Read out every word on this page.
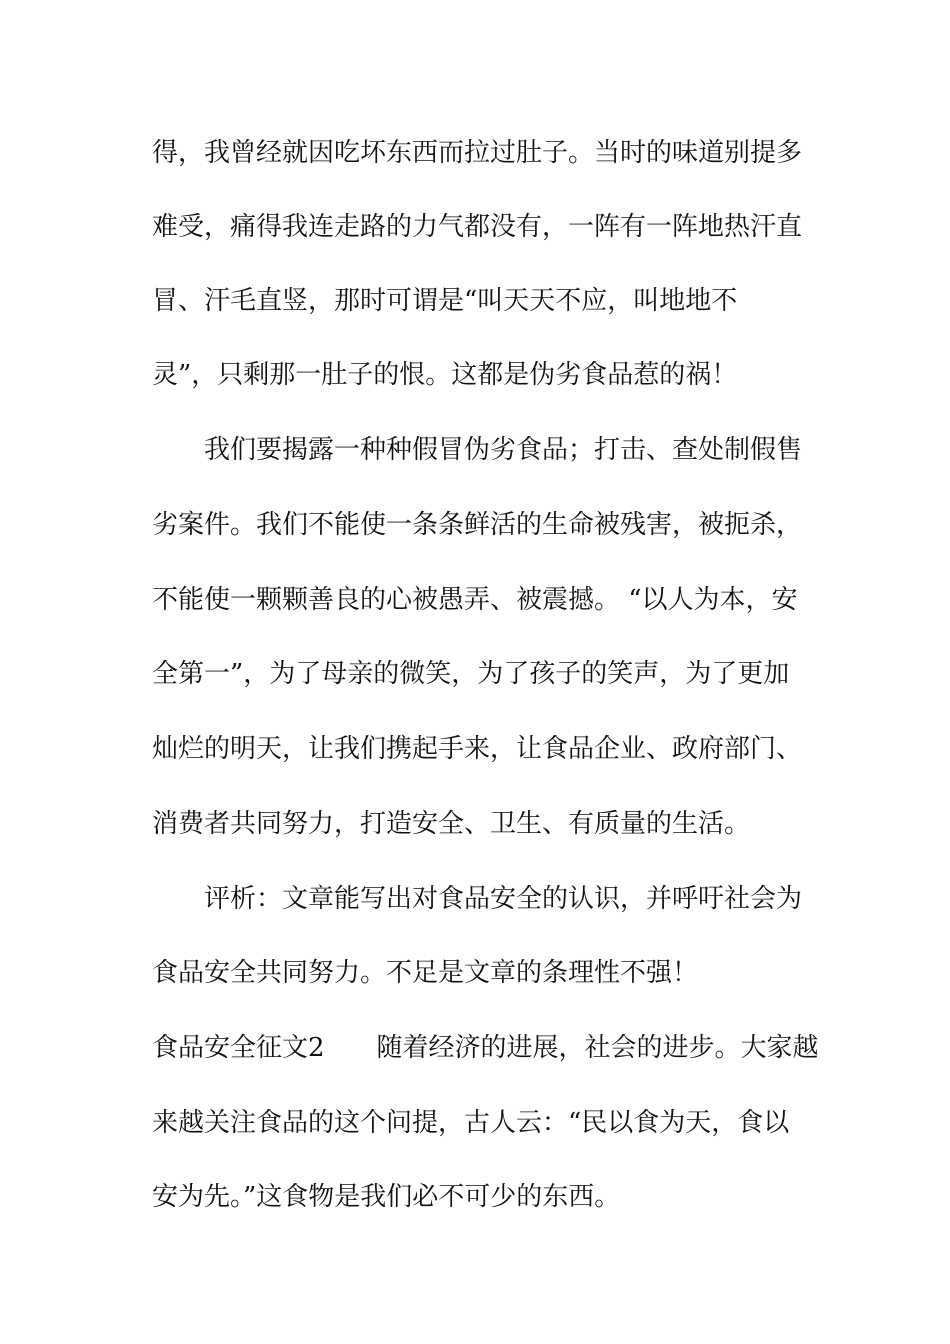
得，我曾经就因吃坏东西而拉过肚子。当时的味道别提多
难受，痛得我连走路的力气都没有，一阵有一阵地热汗直
冒、汗毛直竖，那时可谓是“叫天天不应，叫地地不
灵”，只剩那一肚子的恨。这都是伪劣食品惹的祸！
我们要揭露一种种假冒伪劣食品；打击、查处制假售
劣案件。我们不能使一条条鲜活的生命被残害，被扼杀，
不能使一颗颗善良的心被愚弄、被震撼。 “以人为本，安
全第一”，为了母亲的微笑，为了孩子的笑声，为了更加
灿烂的明天，让我们携起手来，让食品企业、政府部门、
消费者共同努力，打造安全、卫生、有质量的生活。
评析：文章能写出对食品安全的认识，并呼吁社会为
食品安全共同努力。不足是文章的条理性不强！
食品安全征文2　　随着经济的进展，社会的进步。大家越
来越关注食品的这个问提，古人云：“民以食为天，食以
安为先。”这食物是我们必不可少的东西。
